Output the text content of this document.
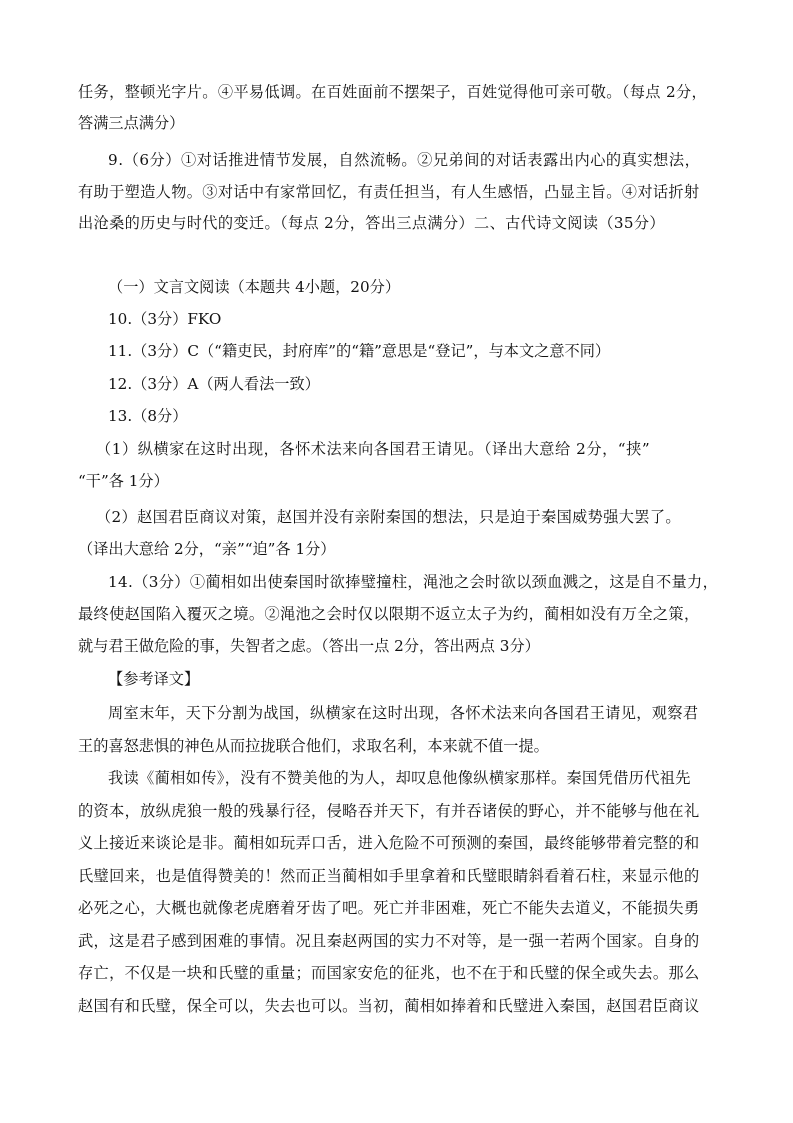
任务，整顿光字片。④平易低调。在百姓面前不摆架子，百姓觉得他可亲可敬。（每点 2分，
答满三点满分）
9.（6分）①对话推进情节发展，自然流畅。②兄弟间的对话表露出内心的真实想法，
有助于塑造人物。③对话中有家常回忆，有责任担当，有人生感悟，凸显主旨。④对话折射
出沧桑的历史与时代的变迁。（每点 2分，答出三点满分）二、古代诗文阅读（35分）
（一）文言文阅读（本题共 4小题，20分）
10.（3分）FKO
11.（3分）C（“籍吏民，封府库”的“籍”意思是“登记”，与本文之意不同）
12.（3分）A（两人看法一致）
13.（8分）
（1）纵横家在这时出现，各怀术法来向各国君王请见。（译出大意给 2分，“挟”
“干”各 1分）
（2）赵国君臣商议对策，赵国并没有亲附秦国的想法，只是迫于秦国威势强大罢了。
（译出大意给 2分，“亲”“迫”各 1分）
14.（3分）①蔺相如出使秦国时欲捧璧撞柱，渑池之会时欲以颈血溅之，这是自不量力，
最终使赵国陷入覆灭之境。②渑池之会时仅以限期不返立太子为约，蔺相如没有万全之策，
就与君王做危险的事，失智者之虑。（答出一点 2分，答出两点 3分）
【参考译文】
周室末年，天下分割为战国，纵横家在这时出现，各怀术法来向各国君王请见，观察君
王的喜怒悲惧的神色从而拉拢联合他们，求取名利，本来就不值一提。
我读《蔺相如传》，没有不赞美他的为人，却叹息他像纵横家那样。秦国凭借历代祖先
的资本，放纵虎狼一般的残暴行径，侵略吞并天下，有并吞诸侯的野心，并不能够与他在礼
义上接近来谈论是非。蔺相如玩弄口舌，进入危险不可预测的秦国，最终能够带着完整的和
氏璧回来，也是值得赞美的！然而正当蔺相如手里拿着和氏璧眼睛斜看着石柱，来显示他的
必死之心，大概也就像老虎磨着牙齿了吧。死亡并非困难，死亡不能失去道义，不能损失勇
武，这是君子感到困难的事情。况且秦赵两国的实力不对等，是一强一若两个国家。自身的
存亡，不仅是一块和氏璧的重量；而国家安危的征兆，也不在于和氏璧的保全或失去。那么
赵国有和氏璧，保全可以，失去也可以。当初，蔺相如捧着和氏璧进入秦国，赵国君臣商议
